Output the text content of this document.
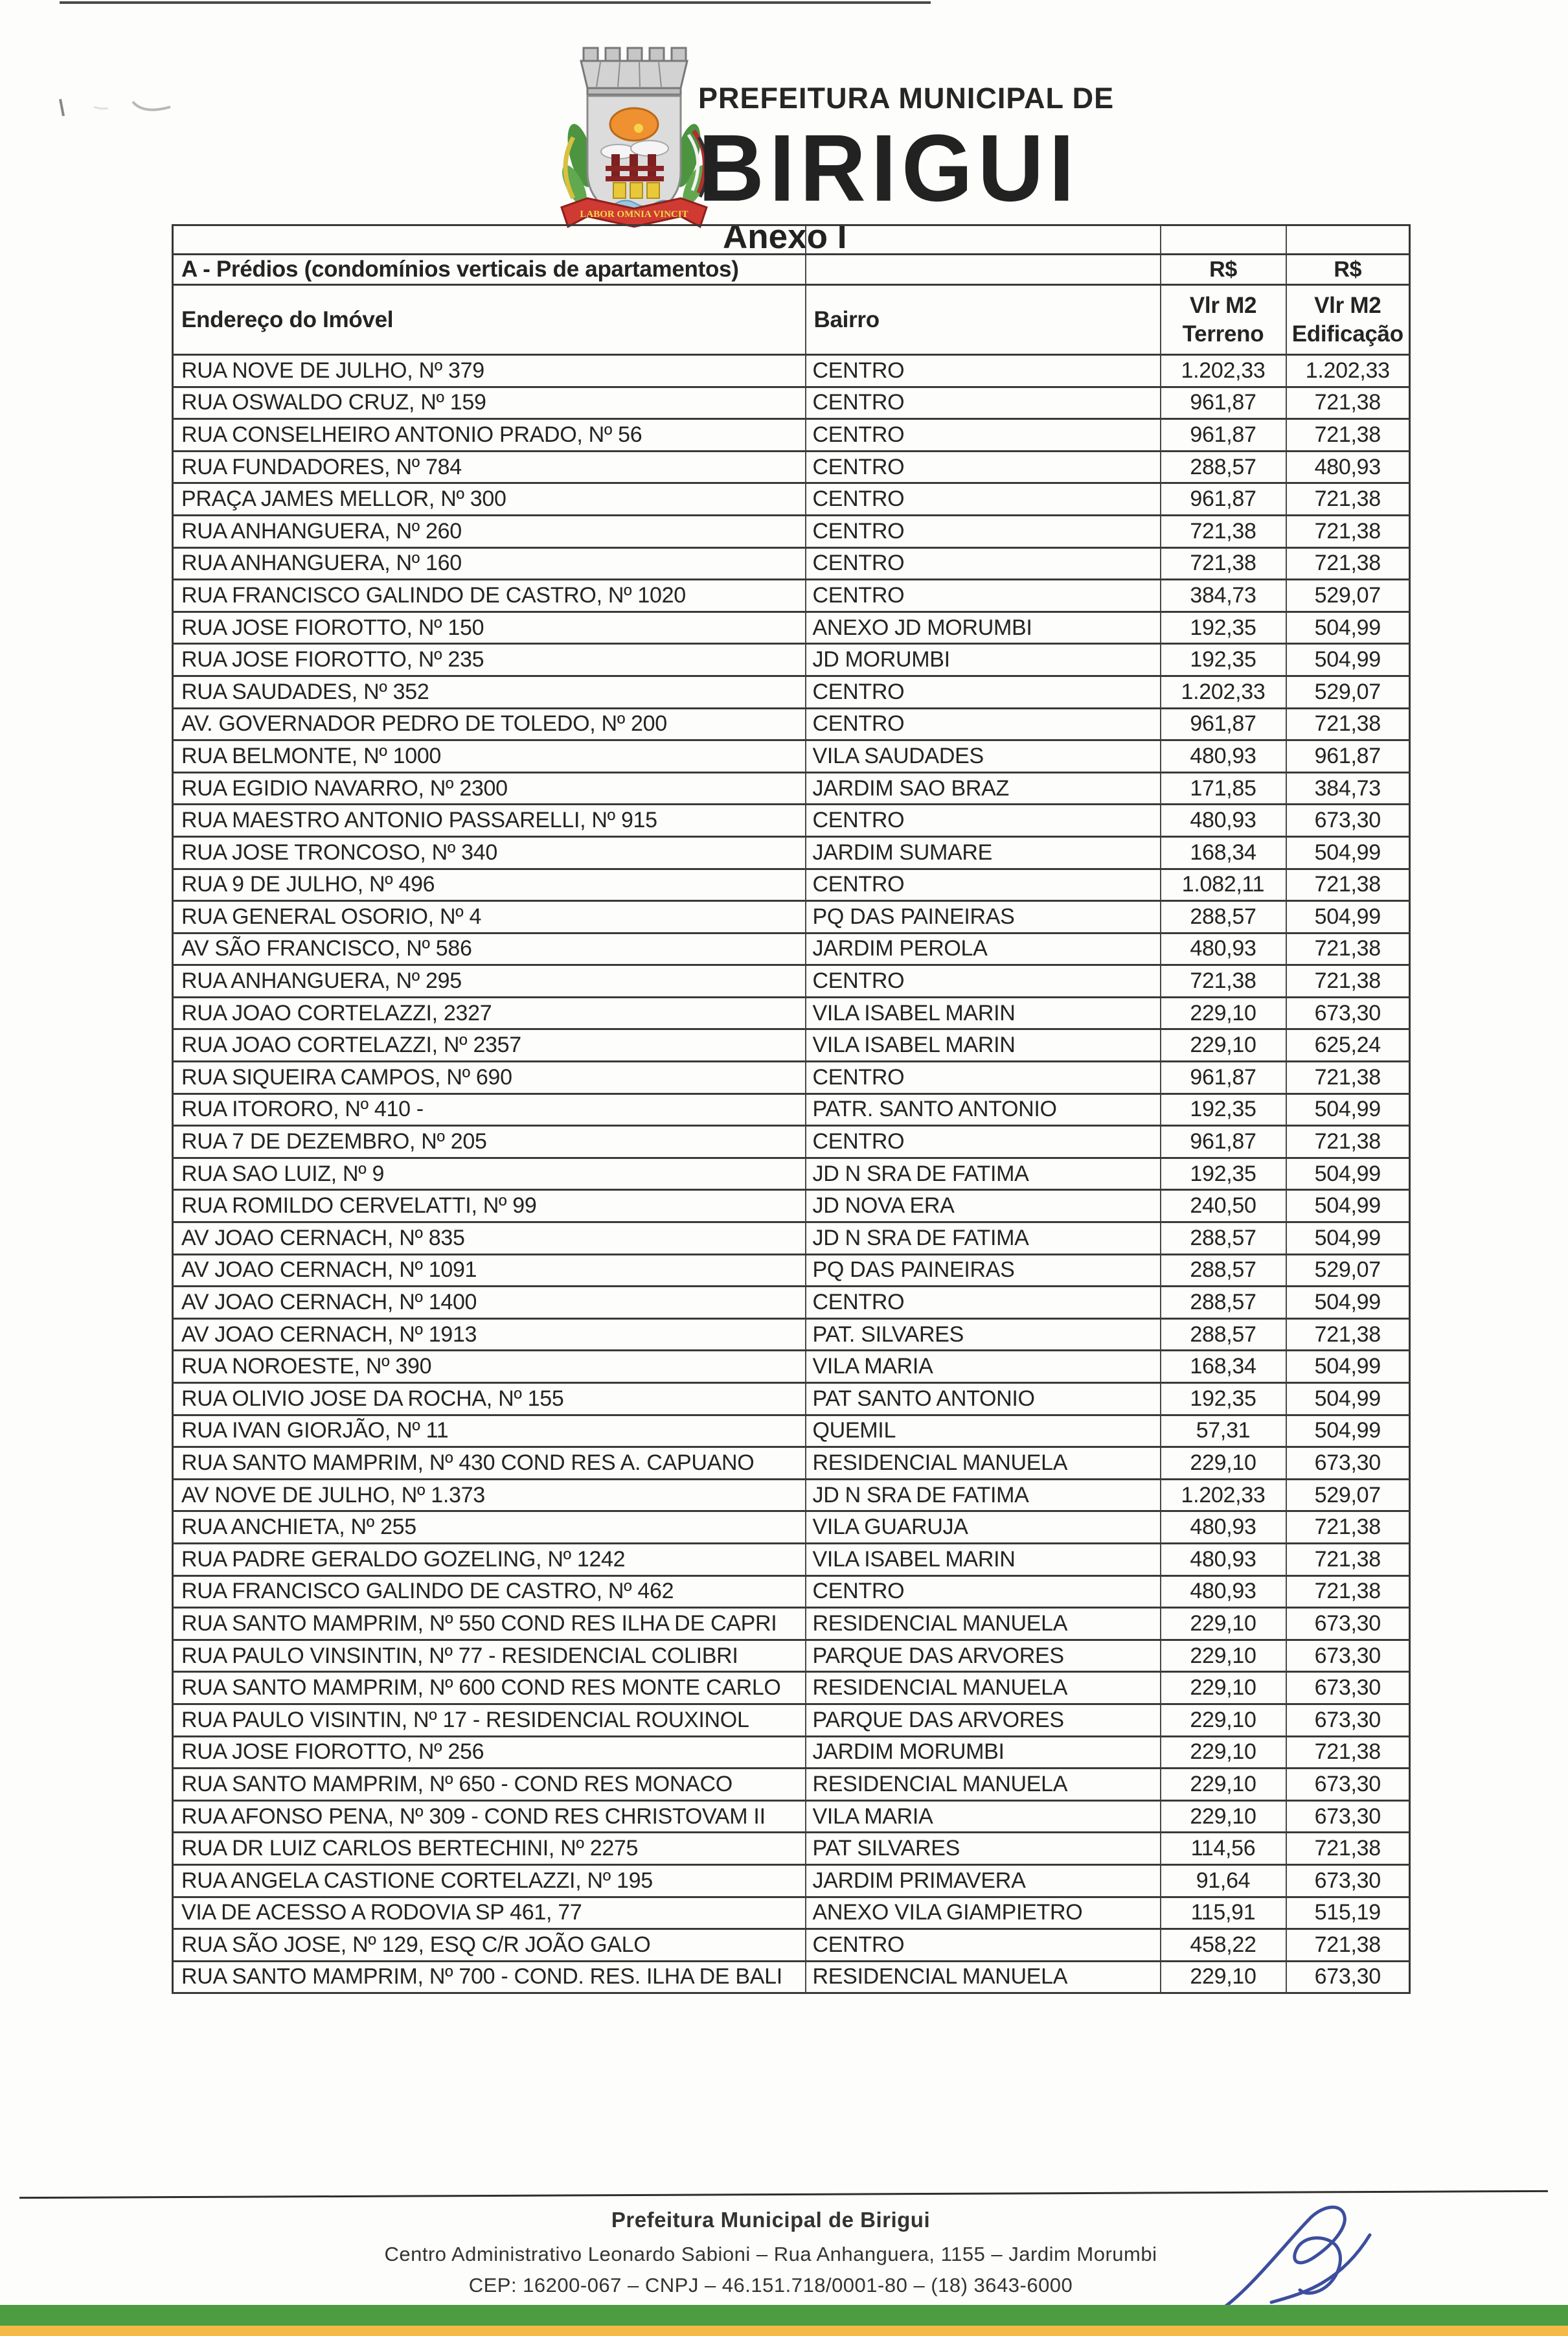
LABOR OMNIA VINCIT
PREFEITURA MUNICIPAL DE
BIRIGUI
Anexo I

A - Prédios (condomínios verticais de apartamentos)		R$	R$
Endereço do Imóvel	Bairro	Vlr M2 Terreno	Vlr M2 Edificação
RUA NOVE DE JULHO, Nº 379	CENTRO	1.202,33	1.202,33
RUA OSWALDO CRUZ, Nº 159	CENTRO	961,87	721,38
RUA CONSELHEIRO ANTONIO PRADO, Nº 56	CENTRO	961,87	721,38
RUA FUNDADORES, Nº 784	CENTRO	288,57	480,93
PRAÇA JAMES MELLOR, Nº 300	CENTRO	961,87	721,38
RUA ANHANGUERA, Nº 260	CENTRO	721,38	721,38
RUA ANHANGUERA, Nº 160	CENTRO	721,38	721,38
RUA FRANCISCO GALINDO DE CASTRO, Nº 1020	CENTRO	384,73	529,07
RUA JOSE FIOROTTO, Nº 150	ANEXO JD MORUMBI	192,35	504,99
RUA JOSE FIOROTTO, Nº 235	JD MORUMBI	192,35	504,99
RUA SAUDADES, Nº 352	CENTRO	1.202,33	529,07
AV. GOVERNADOR PEDRO DE TOLEDO, Nº 200	CENTRO	961,87	721,38
RUA BELMONTE, Nº 1000	VILA SAUDADES	480,93	961,87
RUA EGIDIO NAVARRO, Nº 2300	JARDIM SAO BRAZ	171,85	384,73
RUA MAESTRO ANTONIO PASSARELLI, Nº 915	CENTRO	480,93	673,30
RUA JOSE TRONCOSO, Nº 340	JARDIM SUMARE	168,34	504,99
RUA 9 DE JULHO, Nº 496	CENTRO	1.082,11	721,38
RUA GENERAL OSORIO, Nº 4	PQ DAS PAINEIRAS	288,57	504,99
AV SÃO FRANCISCO, Nº 586	JARDIM PEROLA	480,93	721,38
RUA ANHANGUERA, Nº 295	CENTRO	721,38	721,38
RUA JOAO CORTELAZZI, 2327	VILA ISABEL MARIN	229,10	673,30
RUA JOAO CORTELAZZI, Nº 2357	VILA ISABEL MARIN	229,10	625,24
RUA SIQUEIRA CAMPOS, Nº 690	CENTRO	961,87	721,38
RUA ITORORO, Nº 410 -	PATR. SANTO ANTONIO	192,35	504,99
RUA 7 DE DEZEMBRO, Nº 205	CENTRO	961,87	721,38
RUA SAO LUIZ, Nº 9	JD N SRA DE FATIMA	192,35	504,99
RUA ROMILDO CERVELATTI, Nº 99	JD NOVA ERA	240,50	504,99
AV JOAO CERNACH, Nº 835	JD N SRA DE FATIMA	288,57	504,99
AV JOAO CERNACH, Nº 1091	PQ DAS PAINEIRAS	288,57	529,07
AV JOAO CERNACH, Nº 1400	CENTRO	288,57	504,99
AV JOAO CERNACH, Nº 1913	PAT. SILVARES	288,57	721,38
RUA NOROESTE, Nº 390	VILA MARIA	168,34	504,99
RUA OLIVIO JOSE DA ROCHA, Nº 155	PAT SANTO ANTONIO	192,35	504,99
RUA IVAN GIORJÃO, Nº 11	QUEMIL	57,31	504,99
RUA SANTO MAMPRIM, Nº 430 COND RES A. CAPUANO	RESIDENCIAL MANUELA	229,10	673,30
AV NOVE DE JULHO, Nº 1.373	JD N SRA DE FATIMA	1.202,33	529,07
RUA ANCHIETA, Nº 255	VILA GUARUJA	480,93	721,38
RUA PADRE GERALDO GOZELING, Nº 1242	VILA ISABEL MARIN	480,93	721,38
RUA FRANCISCO GALINDO DE CASTRO, Nº 462	CENTRO	480,93	721,38
RUA SANTO MAMPRIM, Nº 550 COND RES ILHA DE CAPRI	RESIDENCIAL MANUELA	229,10	673,30
RUA PAULO VINSINTIN, Nº 77 - RESIDENCIAL COLIBRI	PARQUE DAS ARVORES	229,10	673,30
RUA SANTO MAMPRIM, Nº 600 COND RES MONTE CARLO	RESIDENCIAL MANUELA	229,10	673,30
RUA PAULO VISINTIN, Nº 17 - RESIDENCIAL ROUXINOL	PARQUE DAS ARVORES	229,10	673,30
RUA JOSE FIOROTTO, Nº 256	JARDIM MORUMBI	229,10	721,38
RUA SANTO MAMPRIM, Nº 650 - COND RES MONACO	RESIDENCIAL MANUELA	229,10	673,30
RUA AFONSO PENA, Nº 309 - COND RES CHRISTOVAM II	VILA MARIA	229,10	673,30
RUA DR LUIZ CARLOS BERTECHINI, Nº 2275	PAT SILVARES	114,56	721,38
RUA ANGELA CASTIONE CORTELAZZI, Nº 195	JARDIM PRIMAVERA	91,64	673,30
VIA DE ACESSO A RODOVIA SP 461, 77	ANEXO VILA GIAMPIETRO	115,91	515,19
RUA SÃO JOSE, Nº 129, ESQ C/R JOÃO GALO	CENTRO	458,22	721,38
RUA SANTO MAMPRIM, Nº 700 - COND. RES. ILHA DE BALI	RESIDENCIAL MANUELA	229,10	673,30
Prefeitura Municipal de Birigui
Centro Administrativo Leonardo Sabioni – Rua Anhanguera, 1155 – Jardim Morumbi
CEP: 16200-067 – CNPJ – 46.151.718/0001-80 – (18) 3643-6000
